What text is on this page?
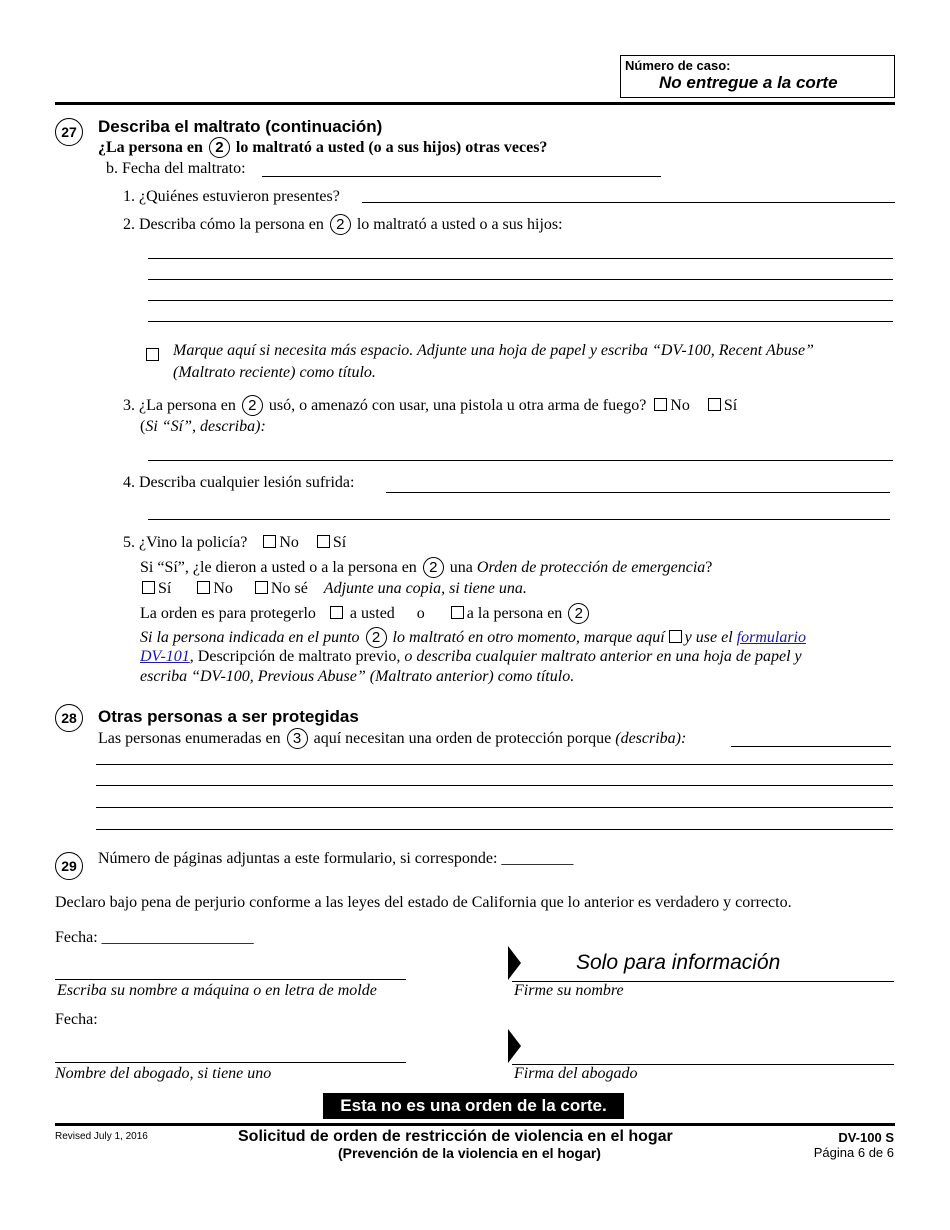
Número de caso:
No entregue a la corte
27	Describa el maltrato (continuación)
¿La persona en 2 lo maltrató a usted (o a sus hijos) otras veces?
b. Fecha del maltrato:
1. ¿Quiénes estuvieron presentes?
2. Describa cómo la persona en 2 lo maltrató a usted o a sus hijos:
Marque aquí si necesita más espacio. Adjunte una hoja de papel y escriba “DV-100, Recent Abuse”
(Maltrato reciente) como título.
3. ¿La persona en 2 usó, o amenazó con usar, una pistola u otra arma de fuego? No Sí
(Si “Sí”, describa):
4. Describa cualquier lesión sufrida:
5. ¿Vino la policía? No Sí
Si “Sí”, ¿le dieron a usted o a la persona en 2 una Orden de protección de emergencia?
Sí	No No sé Adjunte una copia, si tiene una.
La orden es para protegerlo a usted o	a la persona en 2
Si la persona indicada en el punto 2 lo maltrató en otro momento, marque aquí y use el formulario
DV-101, Descripción de maltrato previo, o describa cualquier maltrato anterior en una hoja de papel y
escriba “DV-100, Previous Abuse” (Maltrato anterior) como título.
28	Otras personas a ser protegidas
Las personas enumeradas en 3 aquí necesitan una orden de protección porque (describa):
29	Número de páginas adjuntas a este formulario, si corresponde: _________
Declaro bajo pena de perjurio conforme a las leyes del estado de California que lo anterior es verdadero y correcto.
Fecha: ___________________
Solo para información
Escriba su nombre a máquina o en letra de molde	Firme su nombre
Fecha:
Nombre del abogado, si tiene uno	Firma del abogado
Esta no es una orden de la corte.
Revised July 1, 2016	Solicitud de orden de restricción de violencia en el hogar
(Prevención de la violencia en el hogar)
DV-100 S
Página 6 de 6
